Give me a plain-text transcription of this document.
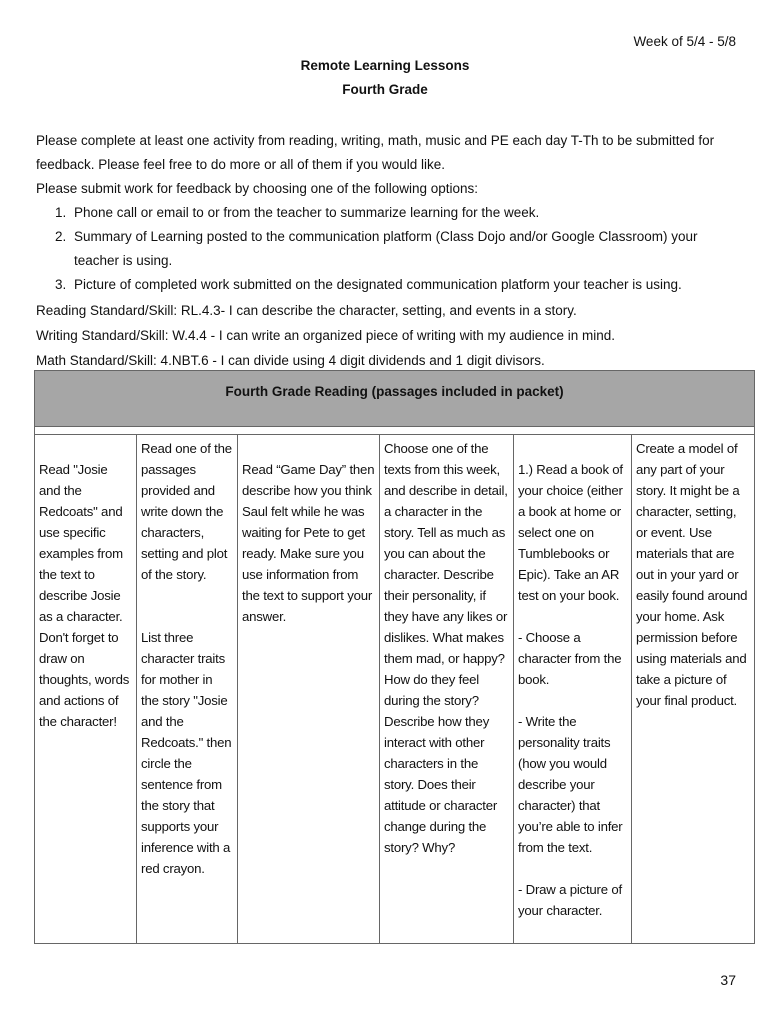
Week of 5/4 - 5/8
Remote Learning Lessons
Fourth Grade

Please complete at least one activity from reading, writing, math, music and PE each day T-Th to be submitted for feedback. Please feel free to do more or all of them if you would like.

Please submit work for feedback by choosing one of the following options:

1. Phone call or email to or from the teacher to summarize learning for the week.
2. Summary of Learning posted to the communication platform (Class Dojo and/or Google Classroom) your teacher is using.
3. Picture of completed work submitted on the designated communication platform your teacher is using.
Reading Standard/Skill: RL.4.3- I can describe the character, setting, and events in a story.
Writing Standard/Skill: W.4.4 - I can write an organized piece of writing with my audience in mind.
Math Standard/Skill: 4.NBT.6 - I can divide using 4 digit dividends and 1 digit divisors.
Fourth Grade Reading (passages included in packet)

Read "Josie and the Redcoats" and use specific examples from the text to describe Josie as a character. Don't forget to draw on thoughts, words and actions of the character!

Read one of the passages provided and write down the characters, setting and plot of the story.

List three character traits for mother in the story "Josie and the Redcoats." then circle the sentence from the story that supports your inference with a red crayon.

Read “Game Day” then describe how you think Saul felt while he was waiting for Pete to get ready. Make sure you use information from the text to support your answer.

Choose one of the texts from this week, and describe in detail, a character in the story. Tell as much as you can about the character. Describe their personality, if they have any likes or dislikes. What makes them mad, or happy? How do they feel during the story? Describe how they interact with other characters in the story. Does their attitude or character change during the story? Why?

1.) Read a book of your choice (either a book at home or select one on Tumblebooks or Epic). Take an AR test on your book.

- Choose a character from the book.

- Write the personality traits (how you would describe your character) that you’re able to infer from the text.

- Draw a picture of your character.

Create a model of any part of your story. It might be a character, setting, or event. Use materials that are out in your yard or easily found around your home. Ask permission before using materials and take a picture of your final product.

37
